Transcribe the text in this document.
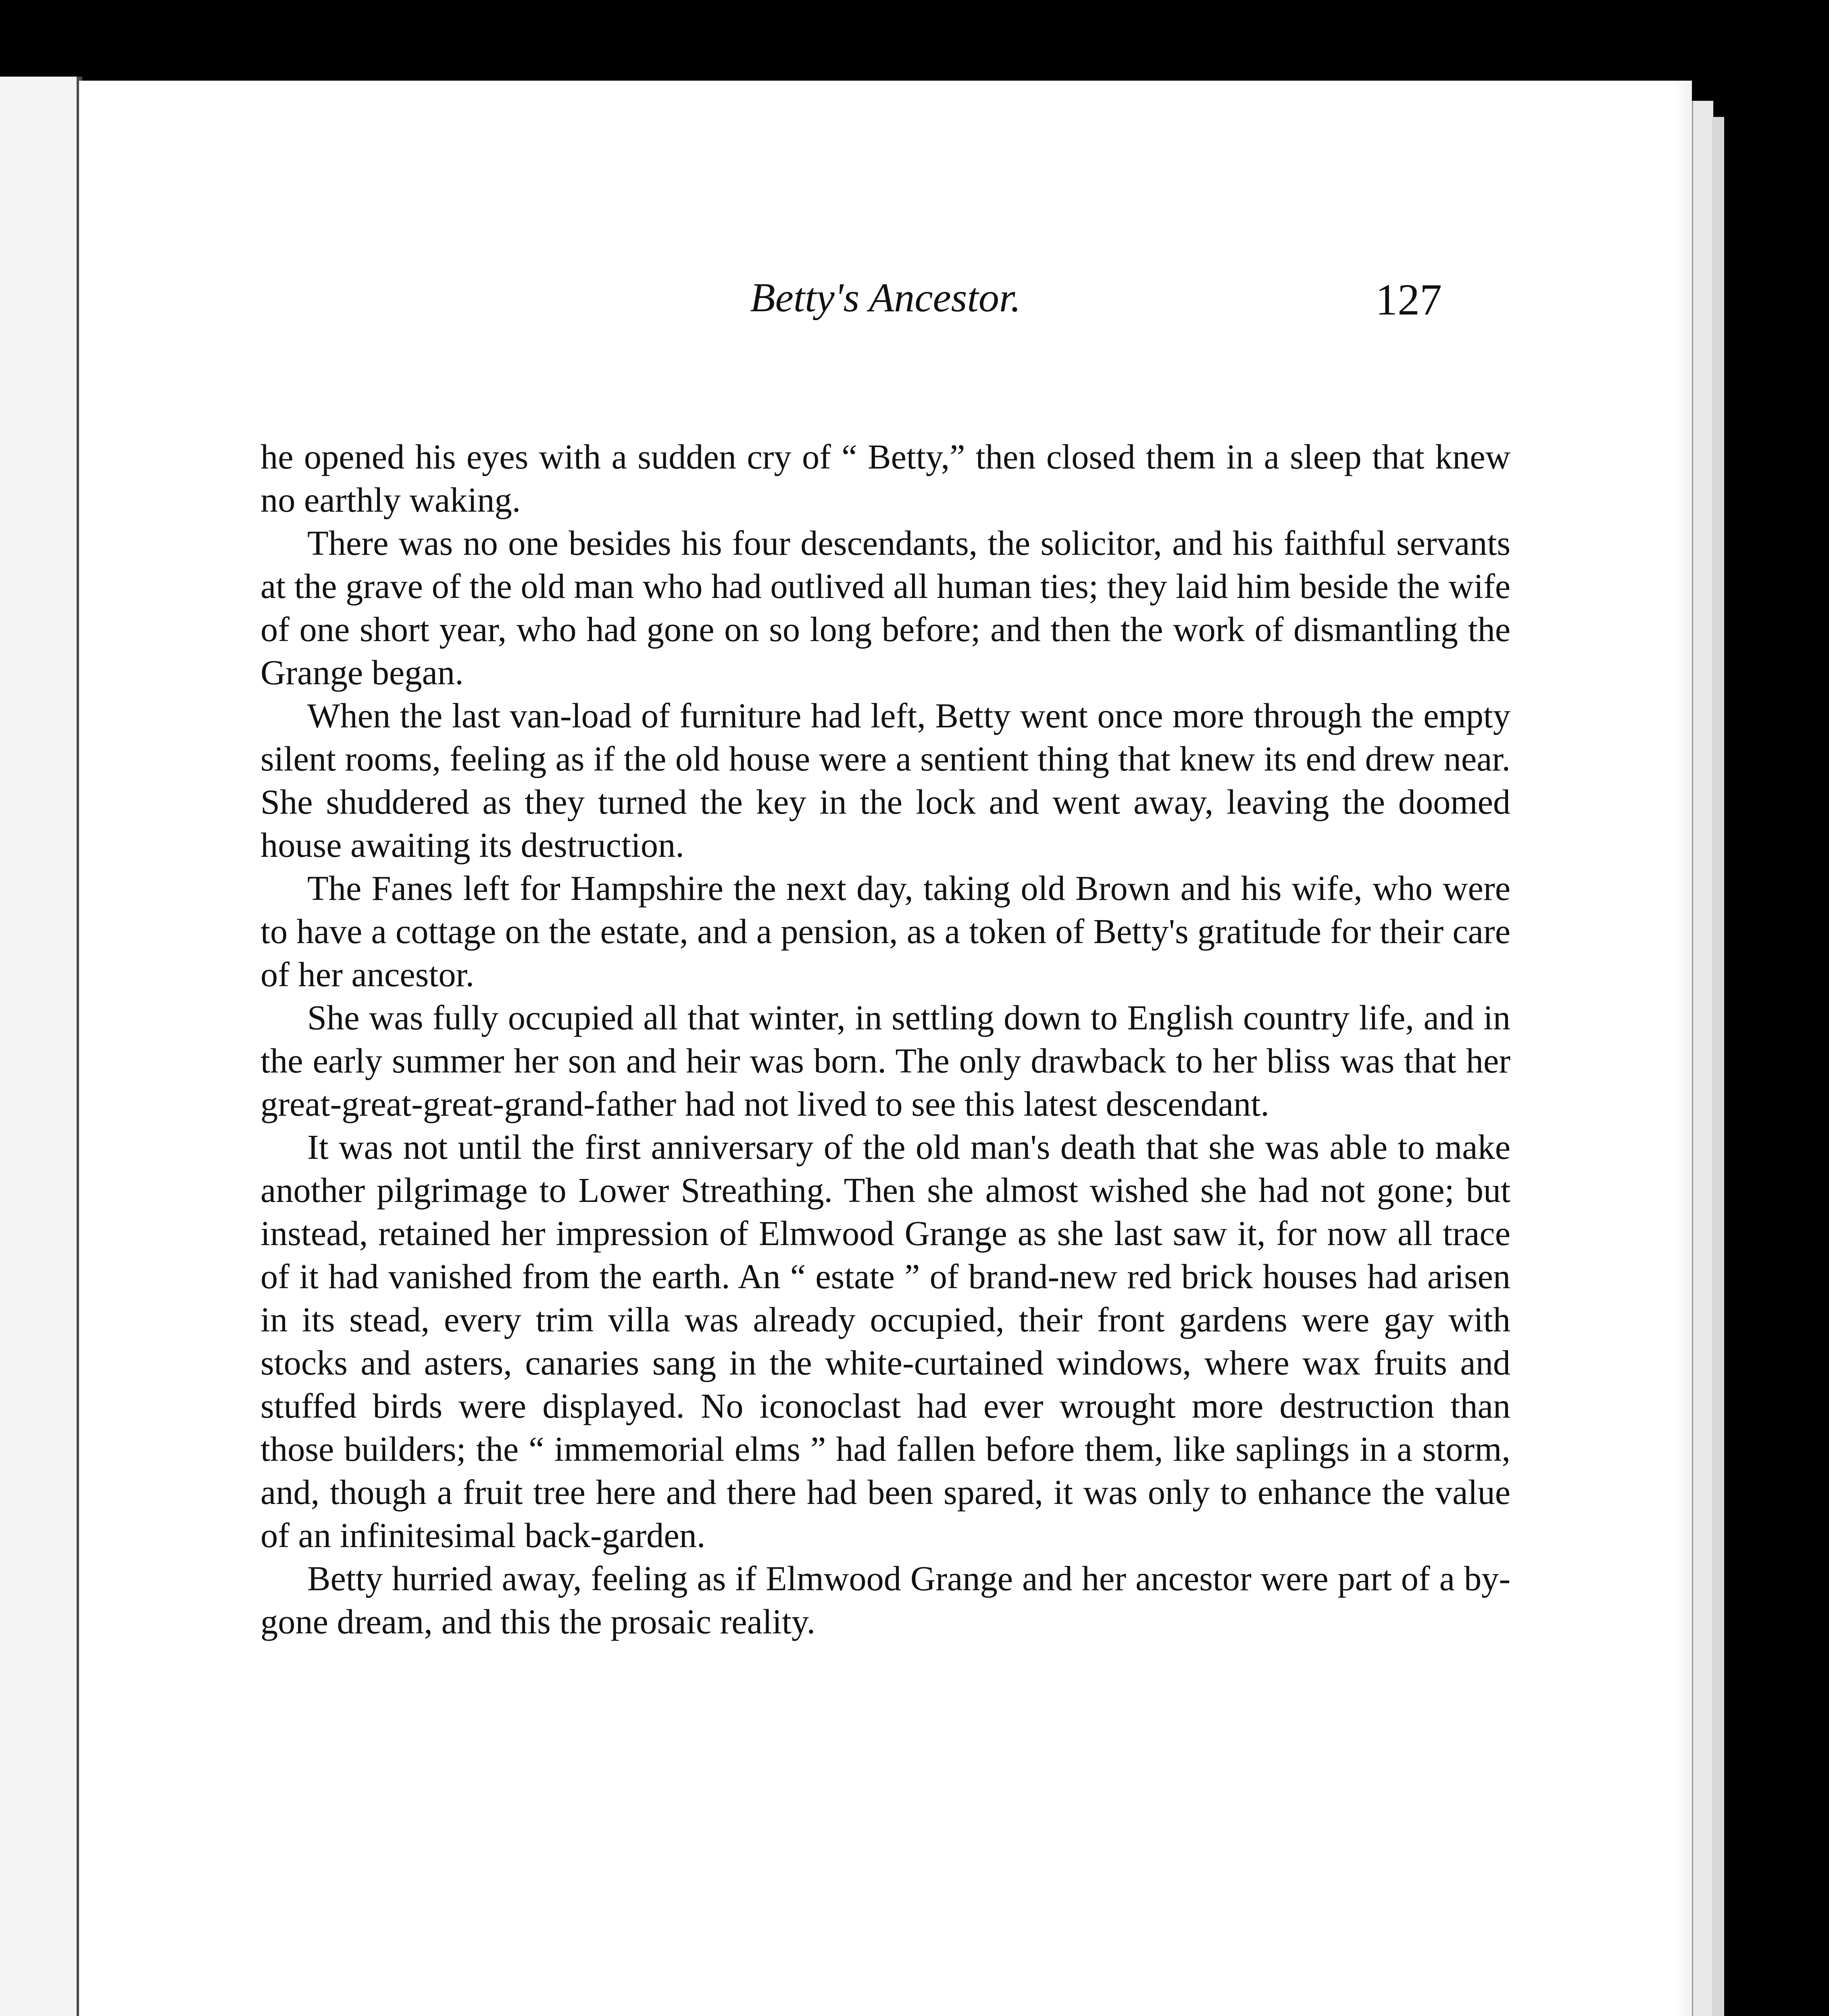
Betty's Ancestor.	127

he opened his eyes with a sudden cry of “ Betty,” then closed them in a sleep that knew no earthly waking.

There was no one besides his four descendants, the solicitor, and his faithful servants at the grave of the old man who had outlived all human ties; they laid him beside the wife of one short year, who had gone on so long before; and then the work of dismantling the Grange began.

When the last van-load of furniture had left, Betty went once more through the empty silent rooms, feeling as if the old house were a sentient thing that knew its end drew near. She shuddered as they turned the key in the lock and went away, leaving the doomed house awaiting its destruction.

The Fanes left for Hampshire the next day, taking old Brown and his wife, who were to have a cottage on the estate, and a pension, as a token of Betty's gratitude for their care of her ancestor.

She was fully occupied all that winter, in settling down to English country life, and in the early summer her son and heir was born. The only drawback to her bliss was that her great-great-great-grand-father had not lived to see this latest descendant.

It was not until the first anniversary of the old man's death that she was able to make another pilgrimage to Lower Streathing. Then she almost wished she had not gone; but instead, retained her impression of Elmwood Grange as she last saw it, for now all trace of it had vanished from the earth. An “ estate ” of brand-new red brick houses had arisen in its stead, every trim villa was already occupied, their front gardens were gay with stocks and asters, canaries sang in the white-curtained windows, where wax fruits and stuffed birds were displayed. No iconoclast had ever wrought more destruction than those builders; the “ immemorial elms ” had fallen before them, like saplings in a storm, and, though a fruit tree here and there had been spared, it was only to enhance the value of an infinitesimal back-garden.

Betty hurried away, feeling as if Elmwood Grange and her ancestor were part of a by-gone dream, and this the prosaic reality.
